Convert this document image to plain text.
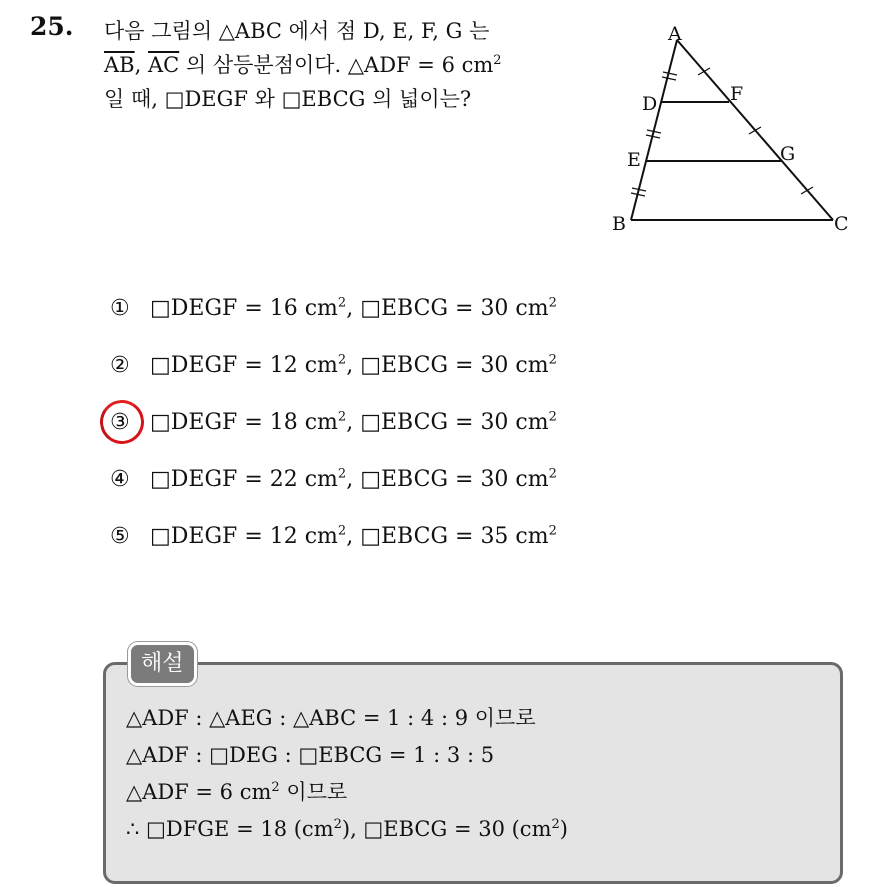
25. 다음 그림의 △ABC 에서 점 D, E, F, G 는
$\overline{AB}$, $\overline{AC}$ 의 삼등분점이다. △ADF = 6 $cm^2$
일 때, □DEGF 와 □EBCG 의 넓이는?
A
B	C
D
E
F
G
① □DEGF = 16 $cm^2$, □EBCG = 30 $cm^2$
② □DEGF = 12 $cm^2$, □EBCG = 30 $cm^2$
③ □DEGF = 18 $cm^2$, □EBCG = 30 $cm^2$
④ □DEGF = 22 $cm^2$, □EBCG = 30 $cm^2$
⑤ □DEGF = 12 $cm^2$, □EBCG = 35 $cm^2$
해설
△ADF : △AEG : △ABC = 1 : 4 : 9 이므로
△ADF : □DEG : □EBCG = 1 : 3 : 5
△ADF = 6 $cm^2$ 이므로
∴ □DFGE = 18 $(cm^2)$, □EBCG = 30 $(cm^2)$
